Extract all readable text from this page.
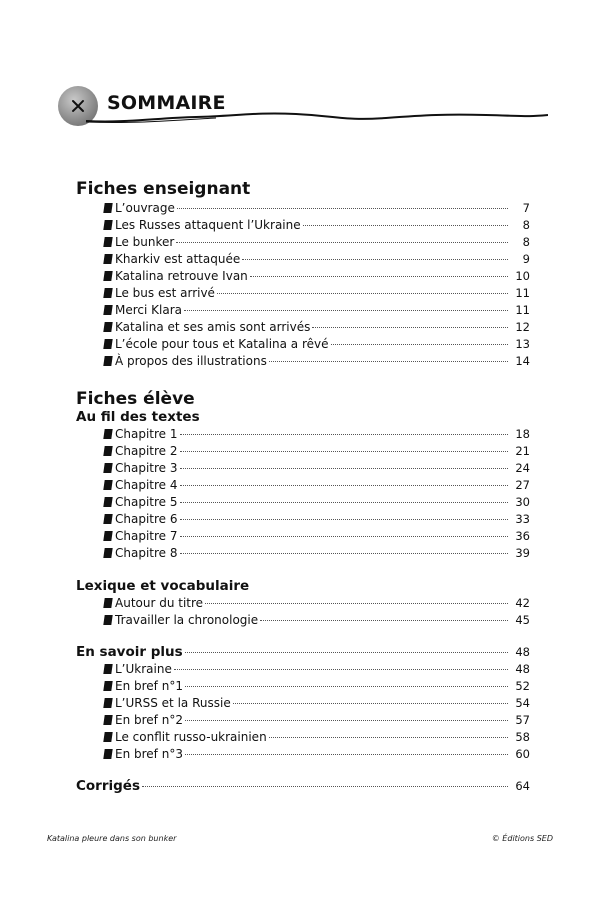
SOMMAIRE
Fiches enseignant
L’ouvrage	7
Les Russes attaquent l’Ukraine	8
Le bunker	8
Kharkiv est attaquée	9
Katalina retrouve Ivan	10
Le bus est arrivé	11
Merci Klara	11
Katalina et ses amis sont arrivés	12
L’école pour tous et Katalina a rêvé	13
À propos des illustrations	14
Fiches élève
Au fil des textes
Chapitre 1	18
Chapitre 2	21
Chapitre 3	24
Chapitre 4	27
Chapitre 5	30
Chapitre 6	33
Chapitre 7	36
Chapitre 8	39
Lexique et vocabulaire
Autour du titre	42
Travailler la chronologie	45
En savoir plus	48
L’Ukraine	48
En bref n°1	52
L’URSS et la Russie	54
En bref n°2	57
Le conflit russo-ukrainien	58
En bref n°3	60
Corrigés	64
Katalina pleure dans son bunker	© Éditions SED
